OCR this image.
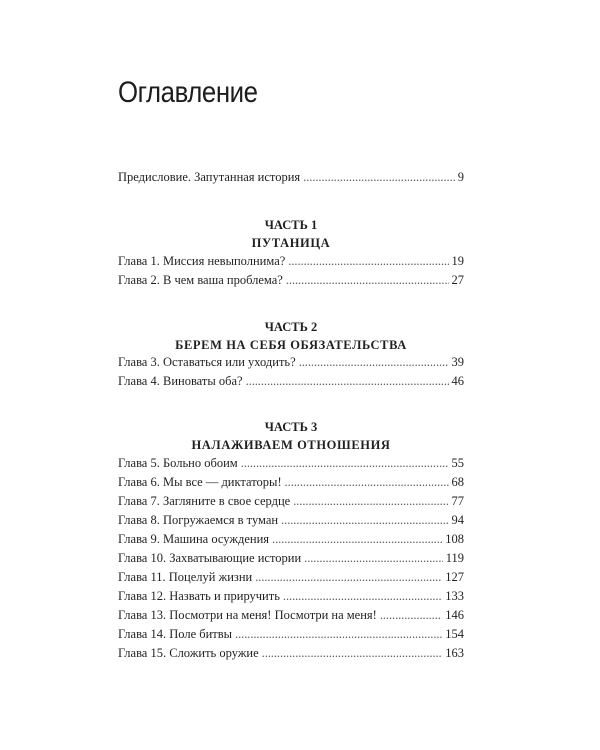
Оглавление
Предисловие. Запутанная история . . .	9
ЧАСТЬ 1
ПУТАНИЦА
Глава 1. Миссия невыполнима? . . .	19
Глава 2. В чем ваша проблема? . . .	27
ЧАСТЬ 2
БЕРЕМ НА СЕБЯ ОБЯЗАТЕЛЬСТВА
Глава 3. Оставаться или уходить? . . .	39
Глава 4. Виноваты оба? . . .	46
ЧАСТЬ 3
НАЛАЖИВАЕМ ОТНОШЕНИЯ
Глава 5. Больно обоим . . .	55
Глава 6. Мы все — диктаторы! . . .	68
Глава 7. Загляните в свое сердце . . .	77
Глава 8. Погружаемся в туман . . .	94
Глава 9. Машина осуждения . . .	108
Глава 10. Захватывающие истории . . .	119
Глава 11. Поцелуй жизни . . .	127
Глава 12. Назвать и приручить . . .	133
Глава 13. Посмотри на меня! Посмотри на меня! . . .	146
Глава 14. Поле битвы . . .	154
Глава 15. Сложить оружие . . .	163
